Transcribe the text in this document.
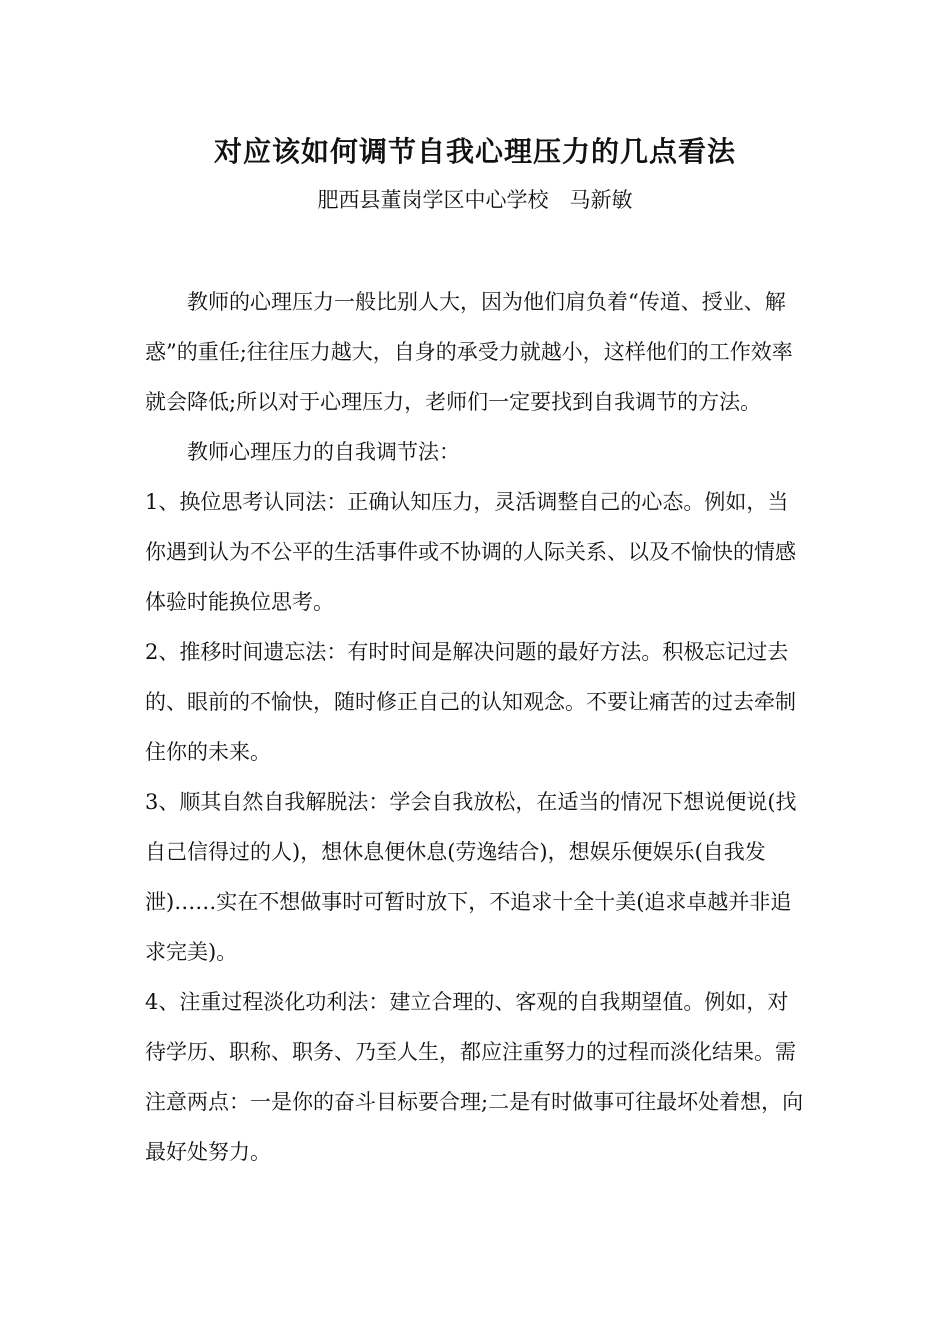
对应该如何调节自我心理压力的几点看法
肥西县董岗学区中心学校　马新敏

教师的心理压力一般比别人大，因为他们肩负着“传道、授业、解惑”的重任;往往压力越大，自身的承受力就越小，这样他们的工作效率就会降低;所以对于心理压力，老师们一定要找到自我调节的方法。

教师心理压力的自我调节法：

1、换位思考认同法：正确认知压力，灵活调整自己的心态。例如，当你遇到认为不公平的生活事件或不协调的人际关系、以及不愉快的情感体验时能换位思考。

2、推移时间遗忘法：有时时间是解决问题的最好方法。积极忘记过去的、眼前的不愉快，随时修正自己的认知观念。不要让痛苦的过去牵制住你的未来。

3、顺其自然自我解脱法：学会自我放松，在适当的情况下想说便说(找自己信得过的人)，想休息便休息(劳逸结合)，想娱乐便娱乐(自我发泄)……实在不想做事时可暂时放下，不追求十全十美(追求卓越并非追求完美)。

4、注重过程淡化功利法：建立合理的、客观的自我期望值。例如，对待学历、职称、职务、乃至人生，都应注重努力的过程而淡化结果。需注意两点：一是你的奋斗目标要合理;二是有时做事可往最坏处着想，向最好处努力。
